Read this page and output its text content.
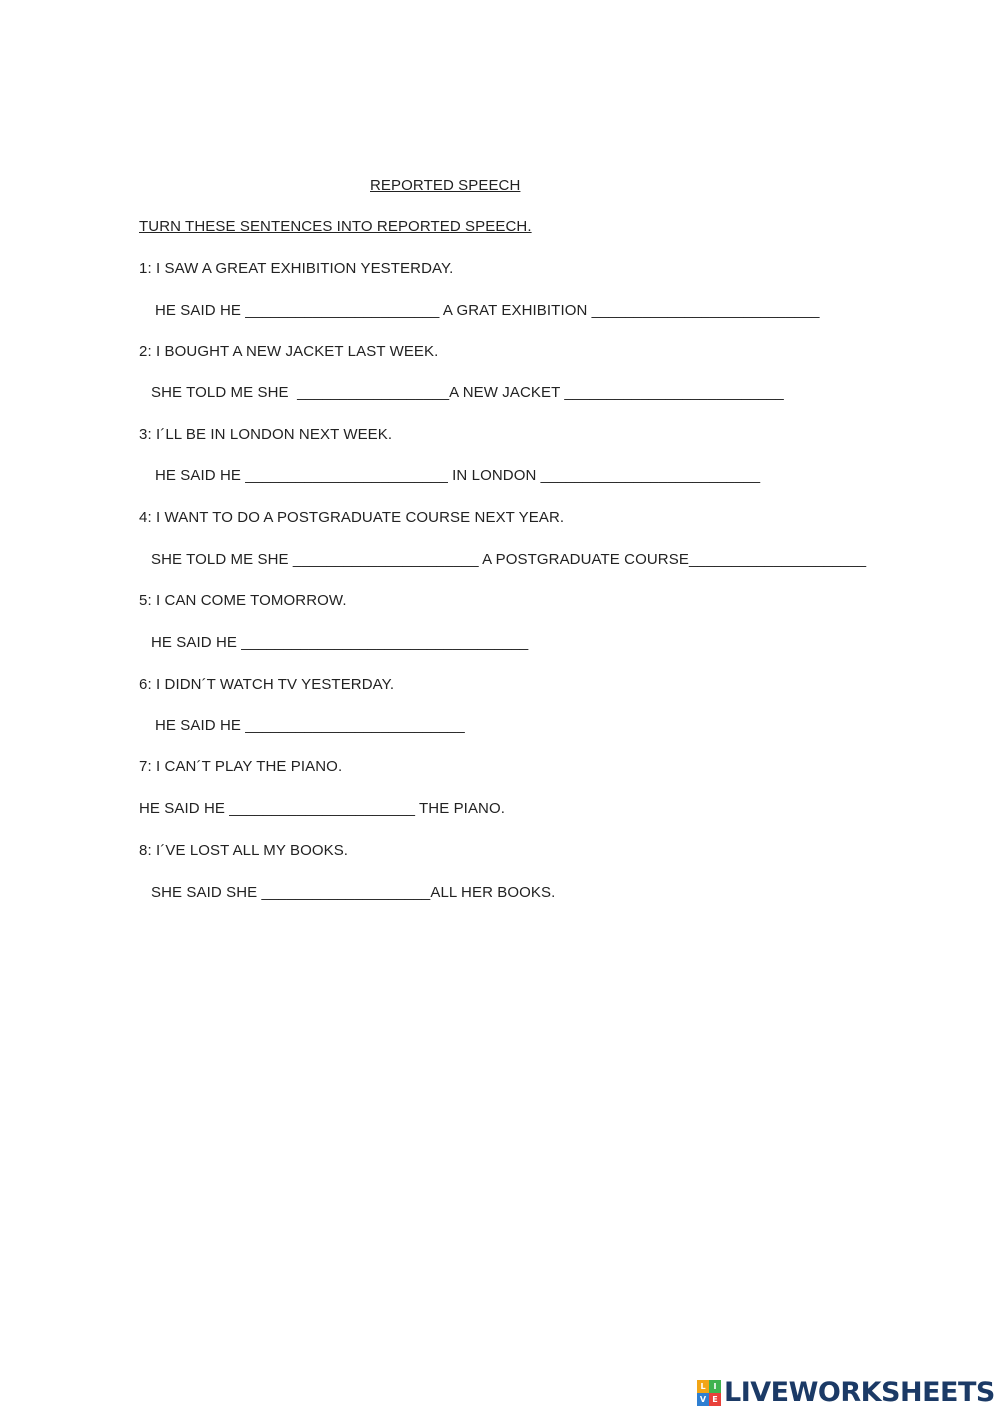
REPORTED SPEECH
TURN THESE SENTENCES INTO REPORTED SPEECH.
1: I SAW A GREAT EXHIBITION YESTERDAY.
HE SAID HE _______________________ A GRAT EXHIBITION ___________________________
2: I BOUGHT A NEW JACKET LAST WEEK.
SHE TOLD ME SHE  __________________A NEW JACKET __________________________
3: I´LL BE IN LONDON NEXT WEEK.
HE SAID HE ________________________ IN LONDON __________________________
4: I WANT TO DO A POSTGRADUATE COURSE NEXT YEAR.
SHE TOLD ME SHE ______________________ A POSTGRADUATE COURSE_____________________
5: I CAN COME TOMORROW.
HE SAID HE __________________________________
6: I DIDN´T WATCH TV YESTERDAY.
HE SAID HE __________________________
7: I CAN´T PLAY THE PIANO.
HE SAID HE ______________________ THE PIANO.
8: I´VE LOST ALL MY BOOKS.
SHE SAID SHE ____________________ALL HER BOOKS.
L I
V E LIVEWORKSHEETS
